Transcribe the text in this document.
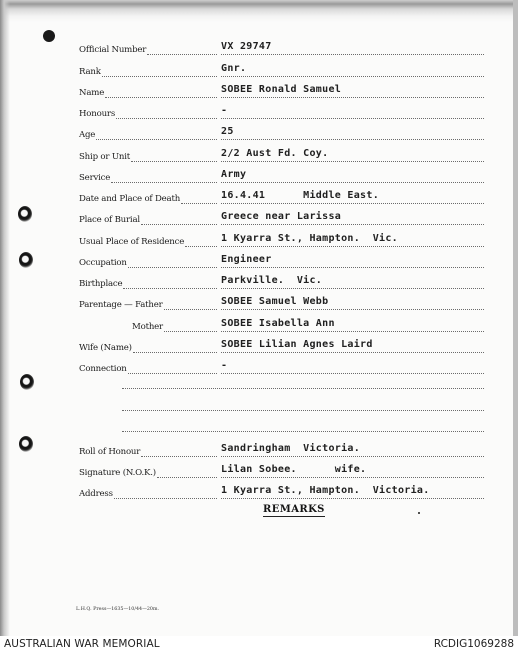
Official Number	VX 29747
Rank	Gnr.
Name	SOBEE Ronald Samuel
Honours	-
Age	25
Ship or Unit	2/2 Aust Fd. Coy.
Service	Army
Date and Place of Death	16.4.41      Middle East.
Place of Burial	Greece near Larissa
Usual Place of Residence	1 Kyarra St., Hampton.  Vic.
Occupation	Engineer
Birthplace	Parkville.  Vic.
Parentage — Father	SOBEE Samuel Webb
Mother	SOBEE Isabella Ann
Wife (Name)	SOBEE Lilian Agnes Laird
Connection	-
Roll of Honour	Sandringham  Victoria.
Signature (N.O.K.)	Lilan Sobee.      wife.
Address	1 Kyarra St., Hampton.  Victoria.
REMARKS
L.H.Q. Press—1635—10/44—20m.
AUSTRALIAN WAR MEMORIAL	RCDIG1069288
